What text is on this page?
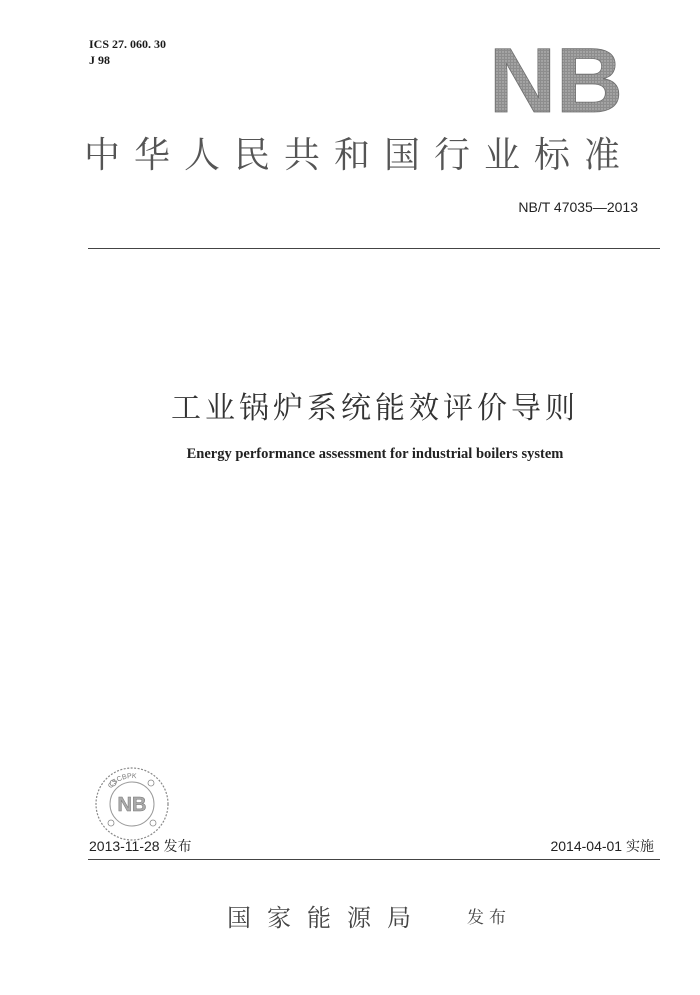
ICS 27. 060. 30
J 98	NB
中华人民共和国行业标准
NB/T 47035—2013
工业锅炉系统能效评价导则
Energy performance assessment for industrial boilers system
CSCBPK
NB
2013-11-28 发布	2014-04-01 实施
国家能源局 发布
